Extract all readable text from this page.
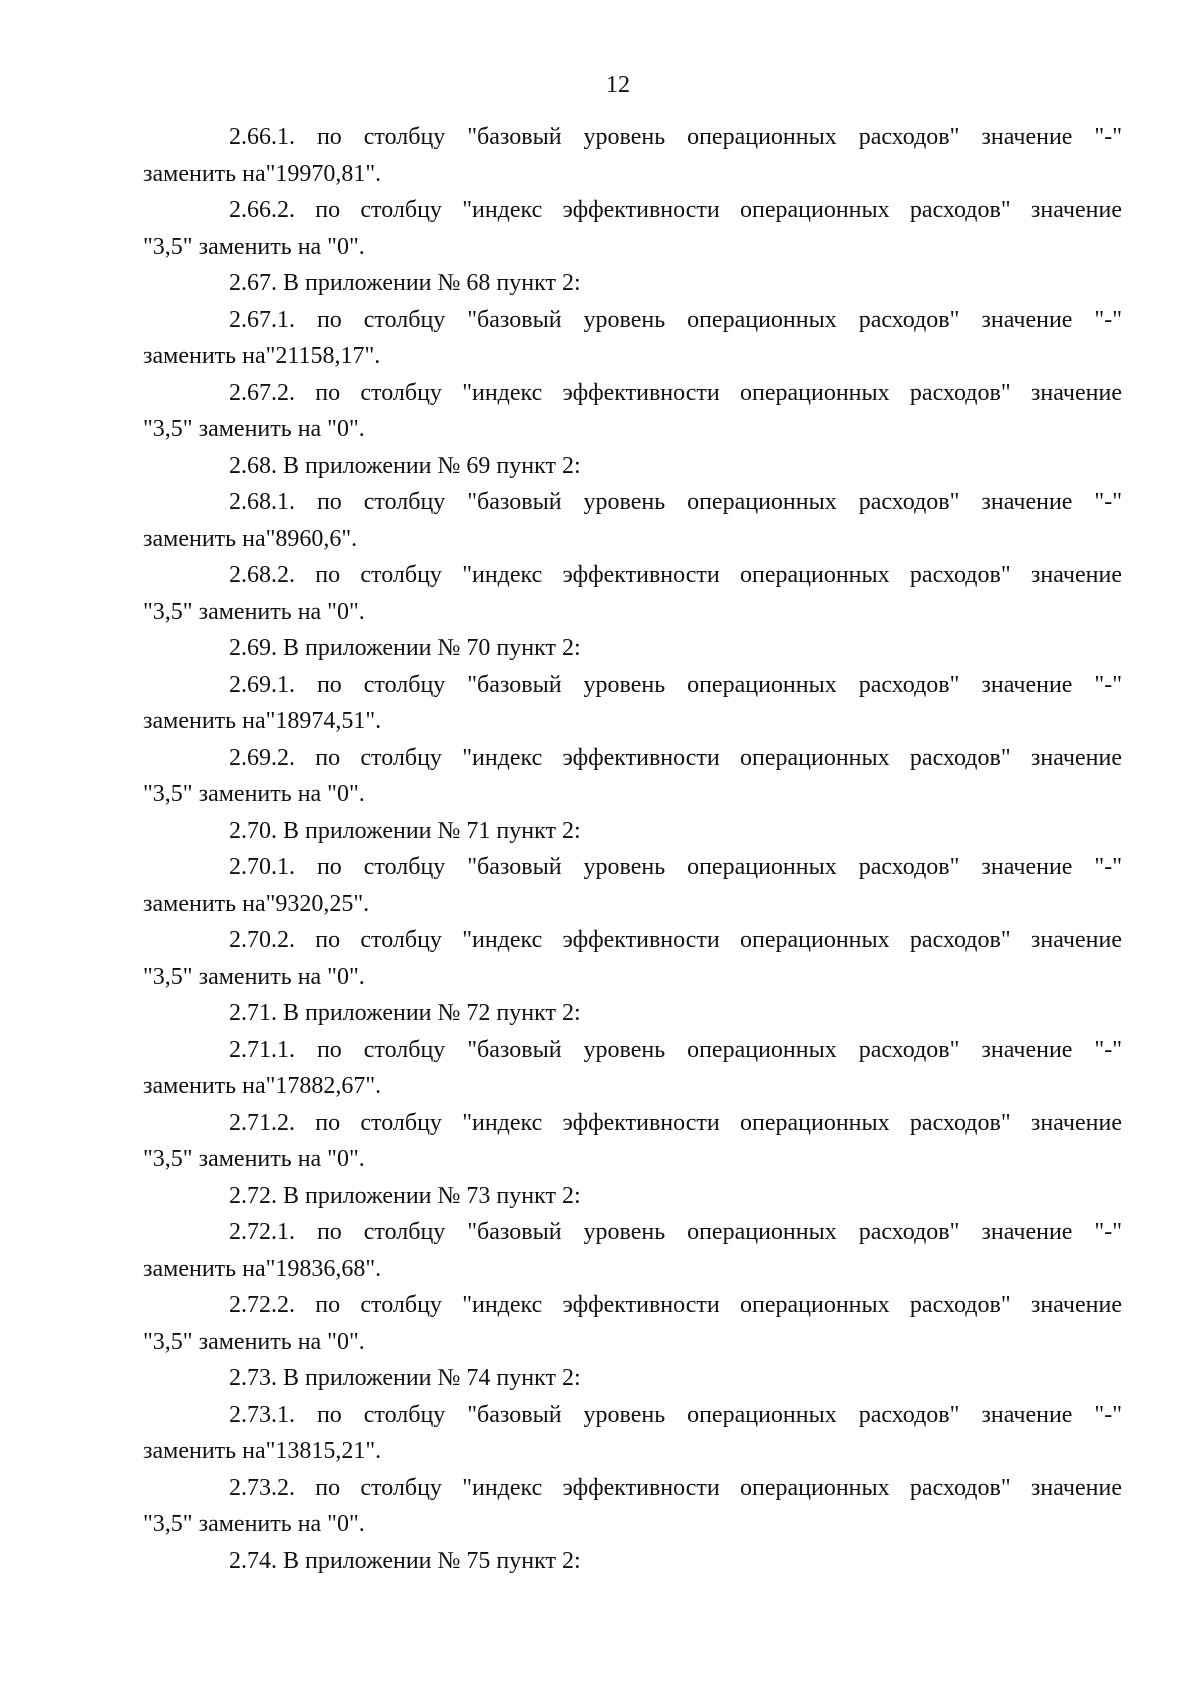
12

2.66.1. по столбцу "базовый уровень операционных расходов" значение "-"
заменить на"19970,81".

2.66.2. по столбцу "индекс эффективности операционных расходов" значение
"3,5" заменить на "0".

2.67. В приложении № 68 пункт 2:

2.67.1. по столбцу "базовый уровень операционных расходов" значение "-"
заменить на"21158,17".

2.67.2. по столбцу "индекс эффективности операционных расходов" значение
"3,5" заменить на "0".

2.68. В приложении № 69 пункт 2:

2.68.1. по столбцу "базовый уровень операционных расходов" значение "-"
заменить на"8960,6".

2.68.2. по столбцу "индекс эффективности операционных расходов" значение
"3,5" заменить на "0".

2.69. В приложении № 70 пункт 2:

2.69.1. по столбцу "базовый уровень операционных расходов" значение "-"
заменить на"18974,51".

2.69.2. по столбцу "индекс эффективности операционных расходов" значение
"3,5" заменить на "0".

2.70. В приложении № 71 пункт 2:

2.70.1. по столбцу "базовый уровень операционных расходов" значение "-"
заменить на"9320,25".

2.70.2. по столбцу "индекс эффективности операционных расходов" значение
"3,5" заменить на "0".

2.71. В приложении № 72 пункт 2:

2.71.1. по столбцу "базовый уровень операционных расходов" значение "-"
заменить на"17882,67".

2.71.2. по столбцу "индекс эффективности операционных расходов" значение
"3,5" заменить на "0".

2.72. В приложении № 73 пункт 2:

2.72.1. по столбцу "базовый уровень операционных расходов" значение "-"
заменить на"19836,68".

2.72.2. по столбцу "индекс эффективности операционных расходов" значение
"3,5" заменить на "0".

2.73. В приложении № 74 пункт 2:

2.73.1. по столбцу "базовый уровень операционных расходов" значение "-"
заменить на"13815,21".

2.73.2. по столбцу "индекс эффективности операционных расходов" значение
"3,5" заменить на "0".

2.74. В приложении № 75 пункт 2:
